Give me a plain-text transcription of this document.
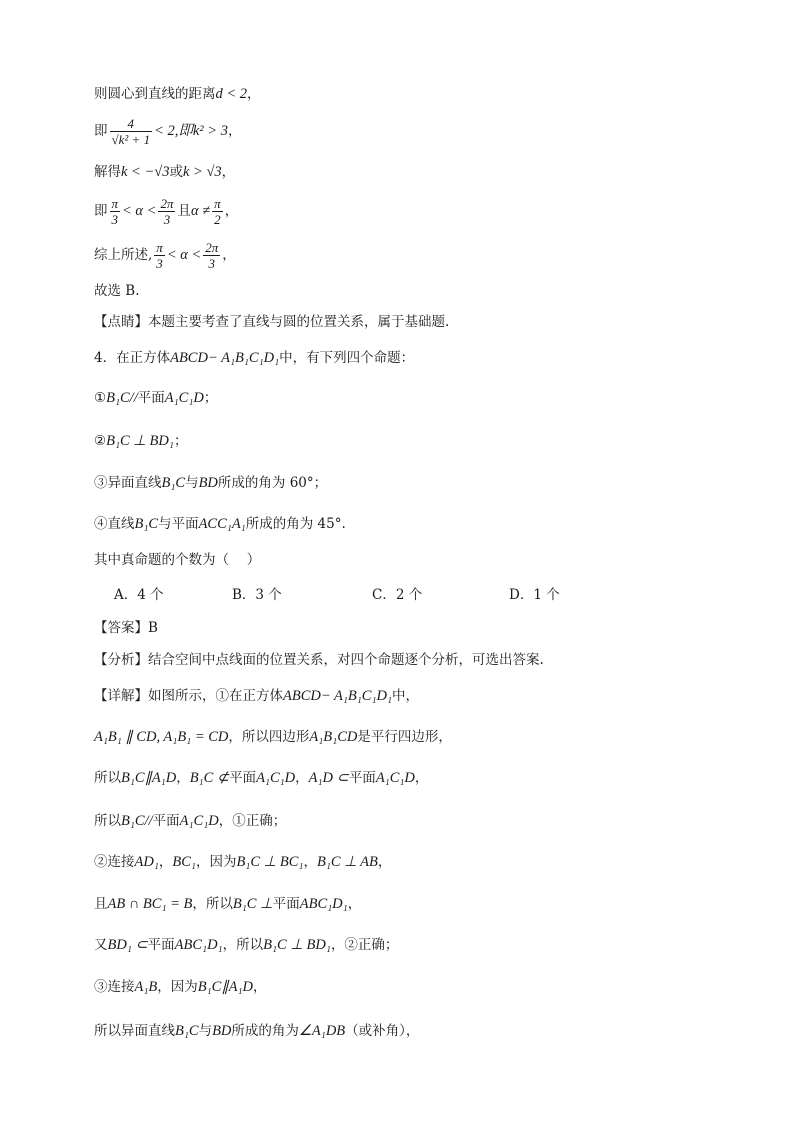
则圆心到直线的距离d < 2，
即 $\frac{4}{\text{√k² + 1}} < 2$,即k² > 3，
解得k < −√3或k > √3，
即 $\frac{\pi}{3} < \alpha < \frac{2\pi}{3}$ 且$\alpha \ne \frac{\pi}{2}$ ，
综上所述, $\frac{\pi}{3} < \alpha < \frac{2\pi}{3}$ ，
故选 B.
【点睛】本题主要考查了直线与圆的位置关系，属于基础题.
4．在正方体ABCD− A₁B₁C₁D₁中，有下列四个命题：
①B₁C//平面A₁C₁D；
②B₁C ⊥ BD₁；
③异面直线B₁C与BD所成的角为 60°；
④直线B₁C与平面ACC₁A₁所成的角为 45°.
其中真命题的个数为（　 ）
A．4 个	B．3 个	C．2 个	D．1 个
【答案】B
【分析】结合空间中点线面的位置关系，对四个命题逐个分析，可选出答案.
【详解】如图所示，①在正方体ABCD− A₁B₁C₁D₁中，
A₁B₁ ∥ CD, A₁B₁ = CD，所以四边形A₁B₁CD是平行四边形，
所以B₁C∥A₁D，B₁C ⊄平面A₁C₁D，A₁D ⊂平面A₁C₁D，
所以B₁C//平面A₁C₁D，①正确；
②连接AD₁，BC₁，因为B₁C ⊥ BC₁，B₁C ⊥ AB，
且AB ∩ BC₁ = B，所以B₁C ⊥平面ABC₁D₁，
又BD₁ ⊂平面ABC₁D₁，所以B₁C ⊥ BD₁，②正确；
③连接A₁B，因为B₁C∥A₁D，
所以异面直线B₁C与BD所成的角为∠A₁DB（或补角），
